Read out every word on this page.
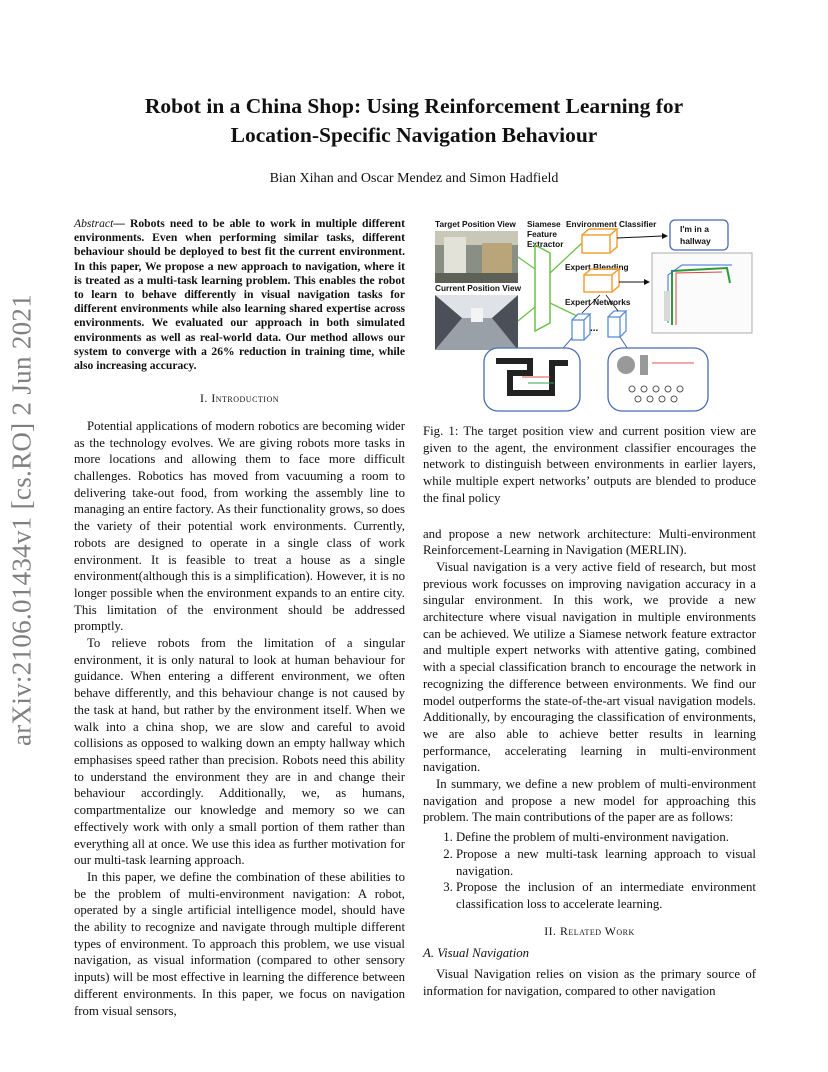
Robot in a China Shop: Using Reinforcement Learning for
Location-Specific Navigation Behaviour
Bian Xihan and Oscar Mendez and Simon Hadfield
arXiv:2106.01434v1 [cs.RO] 2 Jun 2021
Abstract— Robots need to be able to work in multiple different environments. Even when performing similar tasks, different behaviour should be deployed to best fit the current environment. In this paper, We propose a new approach to navigation, where it is treated as a multi-task learning problem. This enables the robot to learn to behave differently in visual navigation tasks for different environments while also learning shared expertise across environments. We evaluated our approach in both simulated environments as well as real-world data. Our method allows our system to converge with a 26% reduction in training time, while also increasing accuracy.
I. Introduction

Potential applications of modern robotics are becoming wider as the technology evolves. We are giving robots more tasks in more locations and allowing them to face more difficult challenges. Robotics has moved from vacuuming a room to delivering take-out food, from working the assembly line to managing an entire factory. As their functionality grows, so does the variety of their potential work environments. Currently, robots are designed to operate in a single class of work environment. It is feasible to treat a house as a single environment(although this is a simplification). However, it is no longer possible when the environment expands to an entire city. This limitation of the environment should be addressed promptly.

To relieve robots from the limitation of a singular environment, it is only natural to look at human behaviour for guidance. When entering a different environment, we often behave differently, and this behaviour change is not caused by the task at hand, but rather by the environment itself. When we walk into a china shop, we are slow and careful to avoid collisions as opposed to walking down an empty hallway which emphasises speed rather than precision. Robots need this ability to understand the environment they are in and change their behaviour accordingly. Additionally, we, as humans, compartmentalize our knowledge and memory so we can effectively work with only a small portion of them rather than everything all at once. We use this idea as further motivation for our multi-task learning approach.

In this paper, we define the combination of these abilities to be the problem of multi-environment navigation: A robot, operated by a single artificial intelligence model, should have the ability to recognize and navigate through multiple different types of environment. To approach this problem, we use visual navigation, as visual information (compared to other sensory inputs) will be most effective in learning the difference between different environments. In this paper, we focus on navigation from visual sensors,

Target Position View
Current Position View
Siamese
Feature
Extractor
Environment Classifier
Expert Blending
Expert Networks
I'm in a
hallway
...
Fig. 1: The target position view and current position view are given to the agent, the environment classifier encourages the network to distinguish between environments in earlier layers, while multiple expert networks’ outputs are blended to produce the final policy

and propose a new network architecture: Multi-environment Reinforcement-Learning in Navigation (MERLIN).

Visual navigation is a very active field of research, but most previous work focusses on improving navigation accuracy in a singular environment. In this work, we provide a new architecture where visual navigation in multiple environments can be achieved. We utilize a Siamese network feature extractor and multiple expert networks with attentive gating, combined with a special classification branch to encourage the network in recognizing the difference between environments. We find our model outperforms the state-of-the-art visual navigation models. Additionally, by encouraging the classification of environments, we are also able to achieve better results in learning performance, accelerating learning in multi-environment navigation.

In summary, we define a new problem of multi-environment navigation and propose a new model for approaching this problem. The main contributions of the paper are as follows:

1. Define the problem of multi-environment navigation.
2. Propose a new multi-task learning approach to visual navigation.
3. Propose the inclusion of an intermediate environment classification loss to accelerate learning.
II. Related Work
A. Visual Navigation

Visual Navigation relies on vision as the primary source of information for navigation, compared to other navigation
